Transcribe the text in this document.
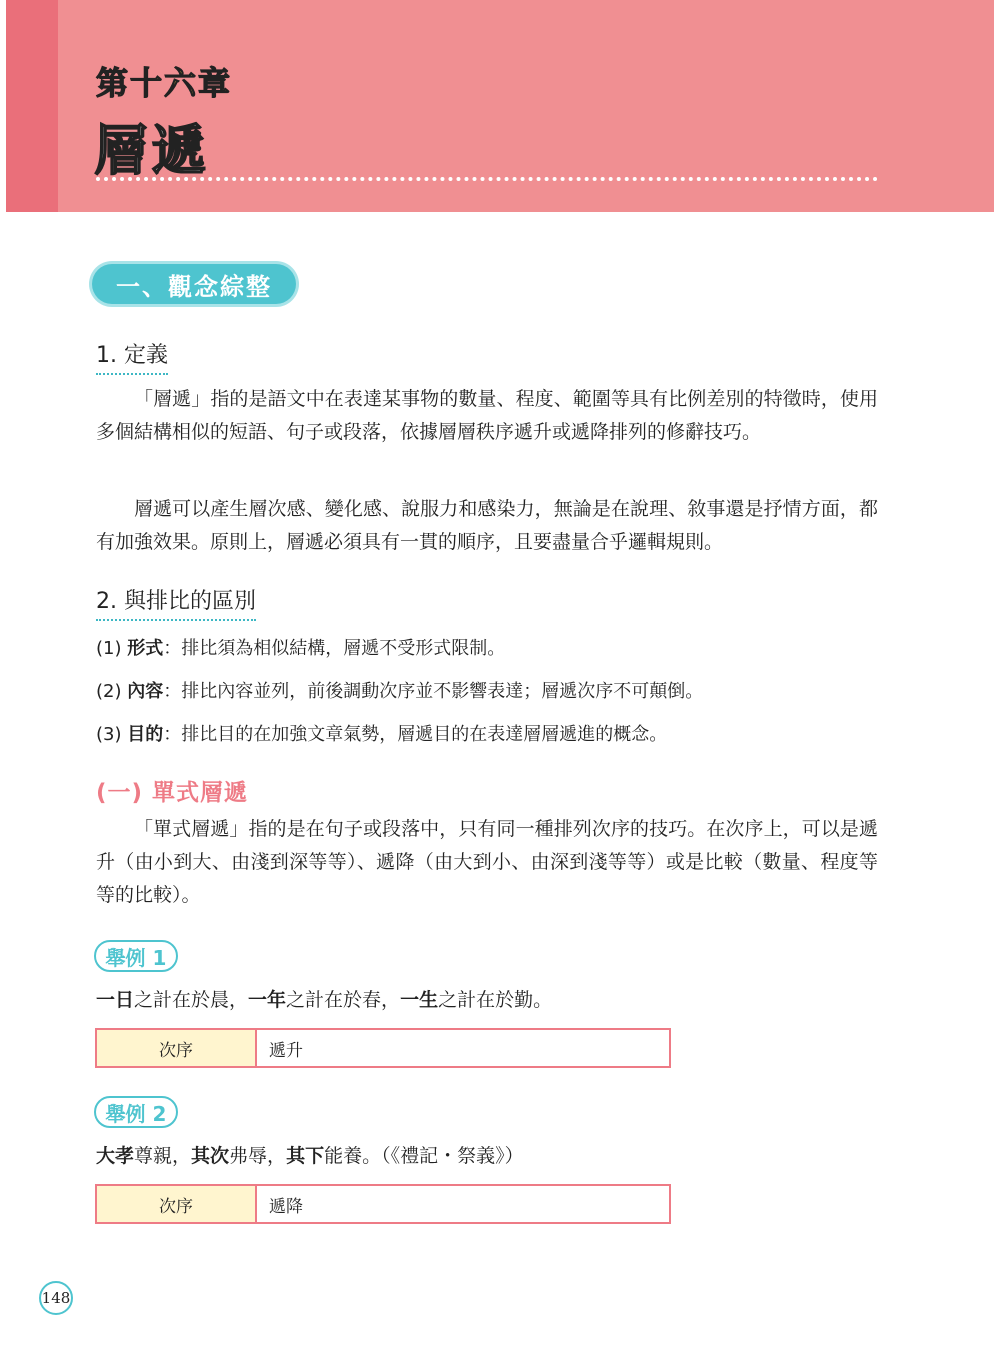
第十六章
層遞
一、觀念綜整
1. 定義
「層遞」指的是語文中在表達某事物的數量、程度、範圍等具有比例差別的特徵時，使用多個結構相似的短語、句子或段落，依據層層秩序遞升或遞降排列的修辭技巧。
層遞可以產生層次感、變化感、說服力和感染力，無論是在說理、敘事還是抒情方面，都有加強效果。原則上，層遞必須具有一貫的順序，且要盡量合乎邏輯規則。
2. 與排比的區別
(1) 形式：排比須為相似結構，層遞不受形式限制。
(2) 內容：排比內容並列，前後調動次序並不影響表達；層遞次序不可顛倒。
(3) 目的：排比目的在加強文章氣勢，層遞目的在表達層層遞進的概念。
(一) 單式層遞
「單式層遞」指的是在句子或段落中，只有同一種排列次序的技巧。在次序上，可以是遞升（由小到大、由淺到深等等）、遞降（由大到小、由深到淺等等）或是比較（數量、程度等等的比較）。
舉例 1
一日之計在於晨，一年之計在於春，一生之計在於勤。
次序	遞升
舉例 2
大孝尊親，其次弗辱，其下能養。（《禮記・祭義》）
次序	遞降
148
